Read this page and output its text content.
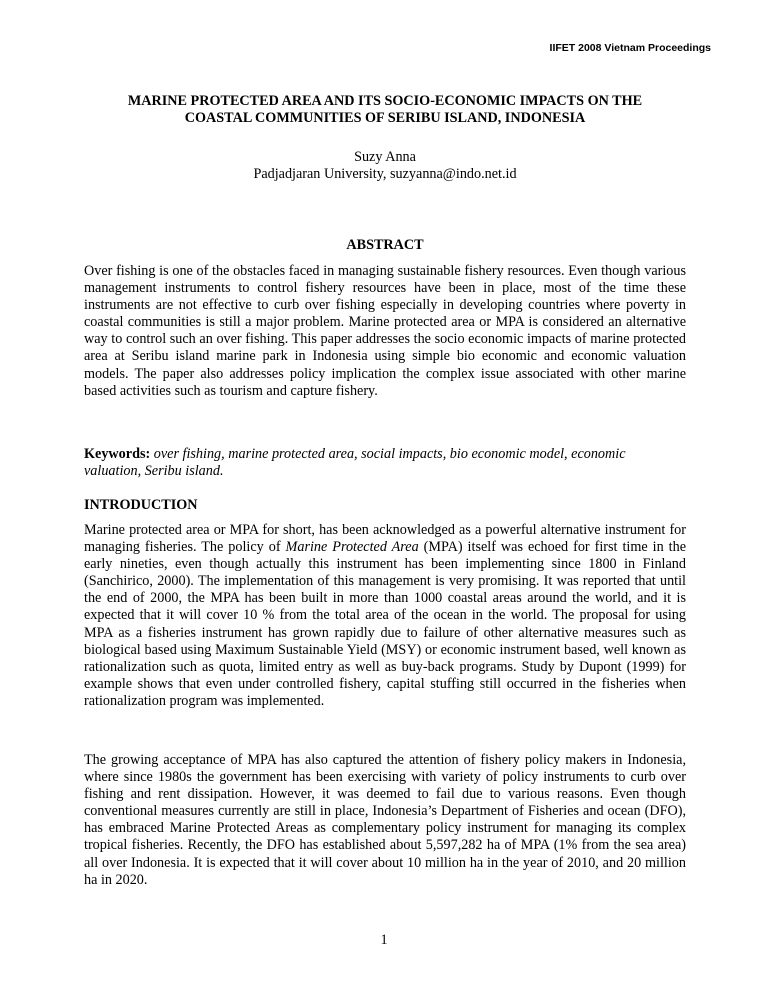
IIFET 2008 Vietnam Proceedings
MARINE PROTECTED AREA AND ITS SOCIO-ECONOMIC IMPACTS ON THE
COASTAL COMMUNITIES OF SERIBU ISLAND, INDONESIA
Suzy Anna
Padjadjaran University, suzyanna@indo.net.id
ABSTRACT

Over fishing is one of the obstacles faced in managing sustainable fishery resources. Even though various management instruments to control fishery resources have been in place, most of the time these instruments are not effective to curb over fishing especially in developing countries where poverty in coastal communities is still a major problem. Marine protected area or MPA is considered an alternative way to control such an over fishing. This paper addresses the socio economic impacts of marine protected area at Seribu island marine park in Indonesia using simple bio economic and economic valuation models. The paper also addresses policy implication the complex issue associated with other marine based activities such as tourism and capture fishery.

Keywords: over fishing, marine protected area, social impacts, bio economic model, economic valuation, Seribu island.

INTRODUCTION

Marine protected area or MPA for short, has been acknowledged as a powerful alternative instrument for managing fisheries. The policy of Marine Protected Area (MPA) itself was echoed for first time in the early nineties, even though actually this instrument has been implementing since 1800 in Finland (Sanchirico, 2000). The implementation of this management is very promising. It was reported that until the end of 2000, the MPA has been built in more than 1000 coastal areas around the world, and it is expected that it will cover 10 % from the total area of the ocean in the world. The proposal for using MPA as a fisheries instrument has grown rapidly due to failure of other alternative measures such as biological based using Maximum Sustainable Yield (MSY) or economic instrument based, well known as rationalization such as quota, limited entry as well as buy-back programs. Study by Dupont (1999) for example shows that even under controlled fishery, capital stuffing still occurred in the fisheries when rationalization program was implemented.

The growing acceptance of MPA has also captured the attention of fishery policy makers in Indonesia, where since 1980s the government has been exercising with variety of policy instruments to curb over fishing and rent dissipation. However, it was deemed to fail due to various reasons. Even though conventional measures currently are still in place, Indonesia’s Department of Fisheries and ocean (DFO), has embraced Marine Protected Areas as complementary policy instrument for managing its complex tropical fisheries. Recently, the DFO has established about 5,597,282 ha of MPA (1% from the sea area) all over Indonesia. It is expected that it will cover about 10 million ha in the year of 2010, and 20 million ha in 2020.

1
